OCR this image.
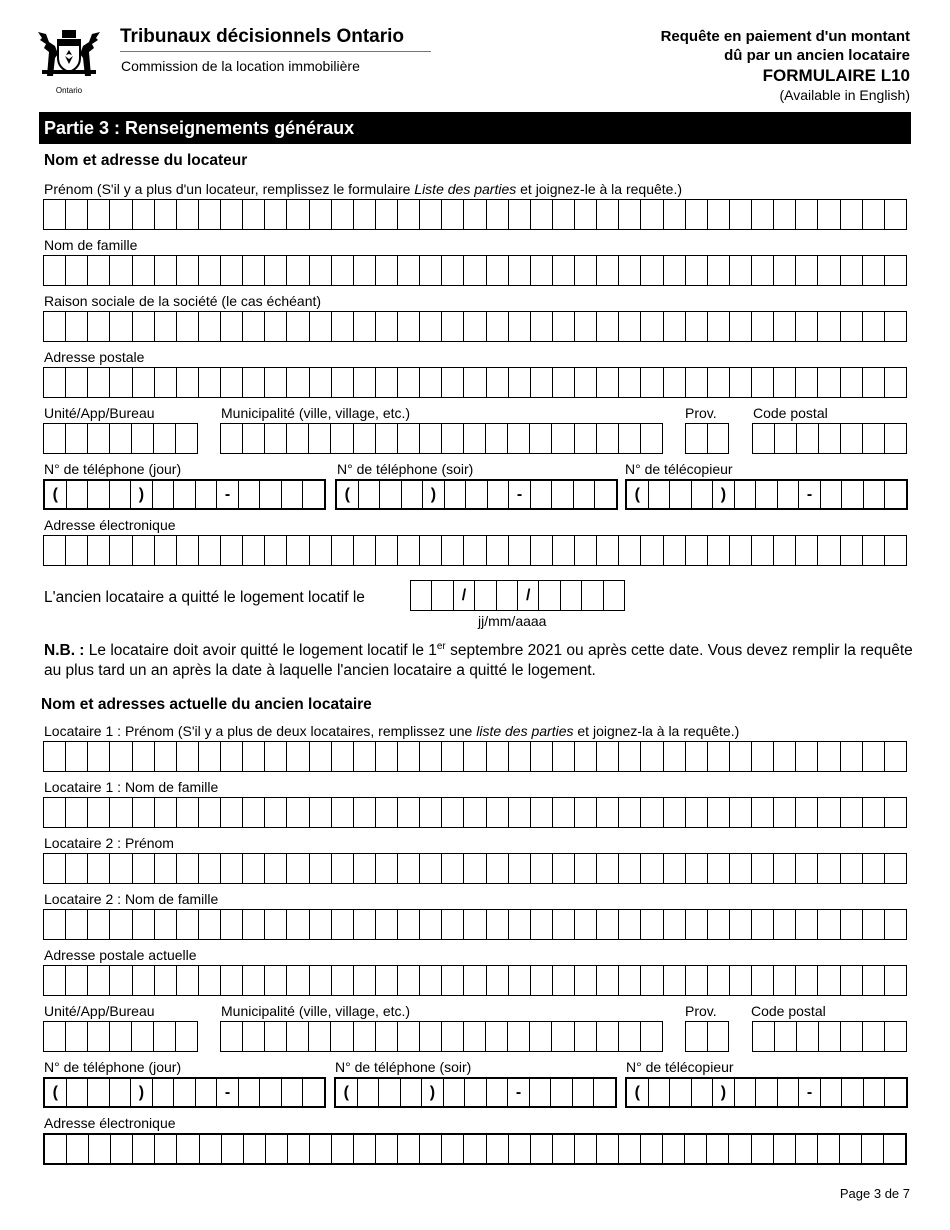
Ontario
Tribunaux décisionnels Ontario
Commission de la location immobilière
Requête en paiement d'un montant
dû par un ancien locataire
FORMULAIRE L10
(Available in English)
Partie 3 : Renseignements généraux
Nom et adresse du locateur
Prénom (S'il y a plus d'un locateur, remplissez le formulaire Liste des parties et joignez-le à la requête.)
Nom de famille
Raison sociale de la société (le cas échéant)
Adresse postale
Unité/App/Bureau	Municipalité (ville, village, etc.)	Prov.	Code postal
N° de téléphone (jour)	N° de téléphone (soir)	N° de télécopieur
(	)	-	(	)	-	(	)	-
Adresse électronique
L'ancien locataire a quitté le logement locatif le	/	/
jj/mm/aaaa
N.B. : Le locataire doit avoir quitté le logement locatif le 1er septembre 2021 ou après cette date. Vous devez remplir la requête au plus tard un an après la date à laquelle l'ancien locataire a quitté le logement.
Nom et adresses actuelle du ancien locataire
Locataire 1 : Prénom (S'il y a plus de deux locataires, remplissez une liste des parties et joignez-la à la requête.)
Locataire 1 : Nom de famille
Locataire 2 : Prénom
Locataire 2 : Nom de famille
Adresse postale actuelle
Unité/App/Bureau	Municipalité (ville, village, etc.)	Prov. Code postal
N° de téléphone (jour)	N° de téléphone (soir)	N° de télécopieur
(	)	-	(	)	-	(	)	-
Adresse électronique
Page 3 de 7
